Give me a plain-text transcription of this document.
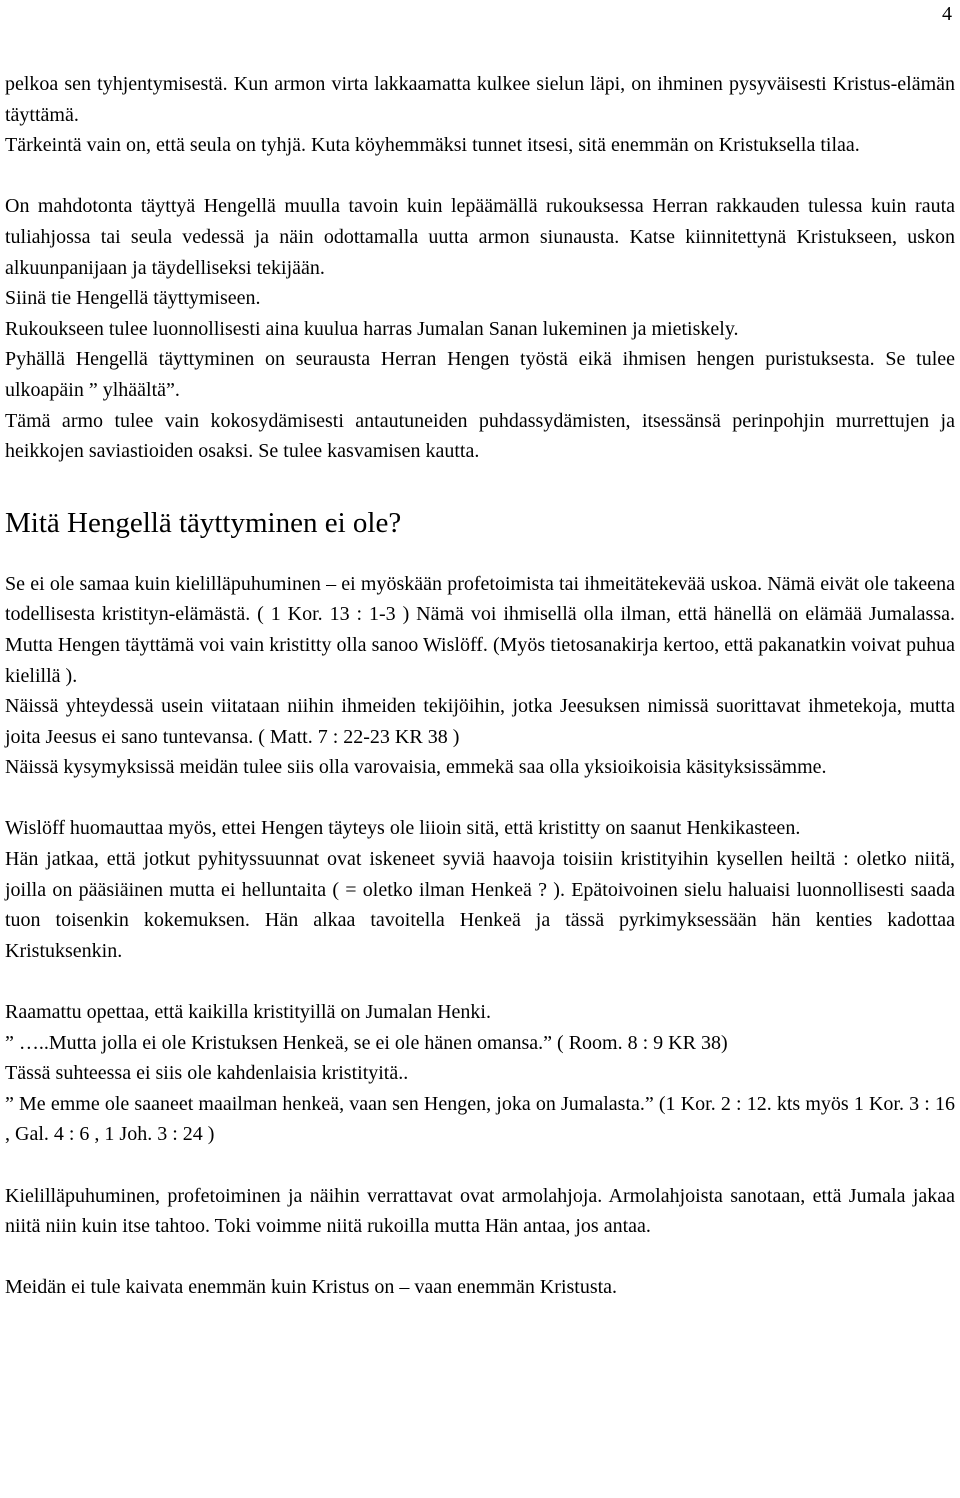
4

pelkoa sen tyhjentymisestä. Kun armon virta lakkaamatta kulkee sielun läpi, on ihminen pysyväisesti Kristus-elämän täyttämä.

Tärkeintä vain on, että seula on tyhjä. Kuta köyhemmäksi tunnet itsesi, sitä enemmän on Kristuksella tilaa.

On mahdotonta täyttyä Hengellä muulla tavoin kuin lepäämällä rukouksessa Herran rakkauden tulessa kuin rauta tuliahjossa tai seula vedessä ja näin odottamalla uutta armon siunausta. Katse kiinnitettynä Kristukseen, uskon alkuunpanijaan ja täydelliseksi tekijään.

Siinä tie Hengellä täyttymiseen.

Rukoukseen tulee luonnollisesti aina kuulua harras Jumalan Sanan lukeminen ja mietiskely.

Pyhällä Hengellä täyttyminen on seurausta Herran Hengen työstä eikä ihmisen hengen puristuksesta. Se tulee ulkoapäin ” ylhäältä”.

Tämä armo tulee vain kokosydämisesti antautuneiden puhdassydämisten, itsessänsä perinpohjin murrettujen ja heikkojen saviastioiden osaksi. Se tulee kasvamisen kautta.

Mitä Hengellä täyttyminen ei ole?

Se ei ole samaa kuin kielilläpuhuminen – ei myöskään profetoimista tai ihmeitätekevää uskoa. Nämä eivät ole takeena todellisesta kristityn-elämästä. ( 1 Kor. 13 : 1-3 ) Nämä voi ihmisellä olla ilman, että hänellä on elämää Jumalassa. Mutta Hengen täyttämä voi vain kristitty olla sanoo Wislöff. (Myös tietosanakirja kertoo, että pakanatkin voivat puhua kielillä ).

Näissä yhteydessä usein viitataan niihin ihmeiden tekijöihin, jotka Jeesuksen nimissä suorittavat ihmetekoja, mutta joita Jeesus ei sano tuntevansa. ( Matt. 7 : 22-23 KR 38 )

Näissä kysymyksissä meidän tulee siis olla varovaisia, emmekä saa olla yksioikoisia käsityksissämme.

Wislöff huomauttaa myös, ettei Hengen täyteys ole liioin sitä, että kristitty on saanut Henkikasteen.

Hän jatkaa, että jotkut pyhityssuunnat ovat iskeneet syviä haavoja toisiin kristityihin kysellen heiltä : oletko niitä, joilla on pääsiäinen mutta ei helluntaita ( = oletko ilman Henkeä ? ). Epätoivoinen sielu haluaisi luonnollisesti saada tuon toisenkin kokemuksen. Hän alkaa tavoitella Henkeä ja tässä pyrkimyksessään hän kenties kadottaa Kristuksenkin.

Raamattu opettaa, että kaikilla kristityillä on Jumalan Henki.

” …..Mutta jolla ei ole Kristuksen Henkeä, se ei ole hänen omansa.” ( Room. 8 : 9 KR 38)

Tässä suhteessa ei siis ole kahdenlaisia kristityitä..

” Me emme ole saaneet maailman henkeä, vaan sen Hengen, joka on Jumalasta.” (1 Kor. 2 : 12. kts myös 1 Kor. 3 : 16 , Gal. 4 : 6 , 1 Joh. 3 : 24 )

Kielilläpuhuminen, profetoiminen ja näihin verrattavat ovat armolahjoja. Armolahjoista sanotaan, että Jumala jakaa niitä niin kuin itse tahtoo. Toki voimme niitä rukoilla mutta Hän antaa, jos antaa.

Meidän ei tule kaivata enemmän kuin Kristus on – vaan enemmän Kristusta.
